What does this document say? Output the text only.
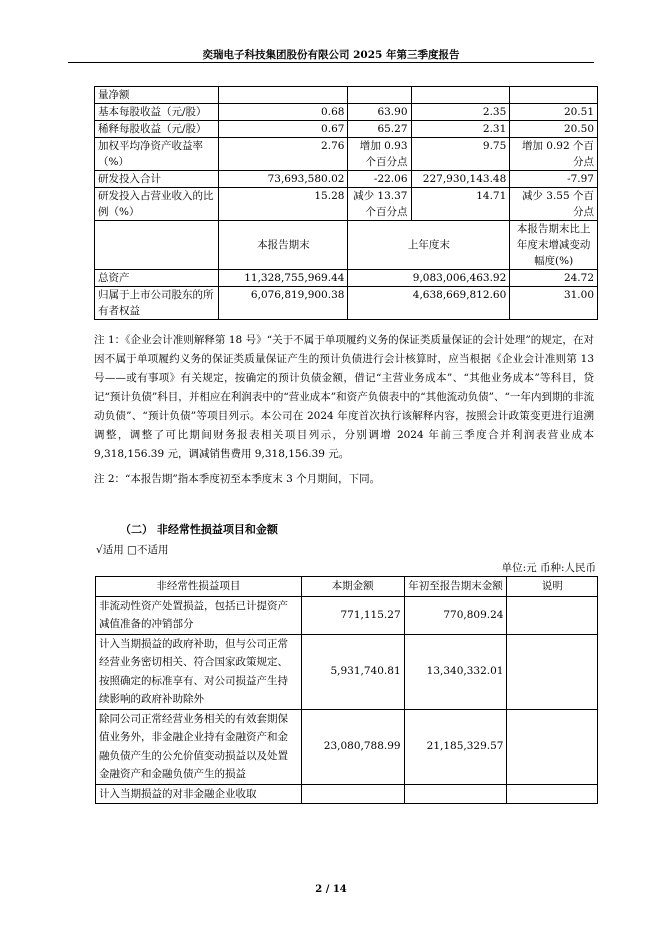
奕瑞电子科技集团股份有限公司 2025 年第三季度报告
量净额				
基本每股收益（元/股）	0.68	63.90	2.35	20.51
稀释每股收益（元/股）	0.67	65.27	2.31	20.50
加权平均净资产收益率（%）	2.76	增加 0.93 个百分点	9.75	增加 0.92 个百分点
研发投入合计	73,693,580.02	-22.06	227,930,143.48	-7.97
研发投入占营业收入的比例（%）	15.28	减少 13.37 个百分点	14.71	减少 3.55 个百分点
	本报告期末	上年度末		本报告期末比上年度末增减变动幅度(%)
总资产	11,328,755,969.44	9,083,006,463.92		24.72
归属于上市公司股东的所有者权益	6,076,819,900.38	4,638,669,812.60		31.00
注 1：《企业会计准则解释第 18 号》“关于不属于单项履约义务的保证类质量保证的会计处理”的规定，在对因不属于单项履约义务的保证类质量保证产生的预计负债进行会计核算时，应当根据《企业会计准则第 13 号——或有事项》有关规定，按确定的预计负债金额，借记“主营业务成本”、“其他业务成本”等科目，贷记“预计负债”科目，并相应在利润表中的“营业成本”和资产负债表中的“其他流动负债”、“一年内到期的非流动负债”、“预计负债”等项目列示。本公司在 2024 年度首次执行该解释内容，按照会计政策变更进行追溯调整，调整了可比期间财务报表相关项目列示，分别调增 2024 年前三季度合并利润表营业成本 9,318,156.39 元，调减销售费用 9,318,156.39 元。
注 2：“本报告期”指本季度初至本季度末 3 个月期间，下同。
（二） 非经常性损益项目和金额
√适用 □不适用
单位:元 币种:人民币
非经常性损益项目	本期金额	年初至报告期末金额	说明
非流动性资产处置损益，包括已计提资产减值准备的冲销部分	771,115.27	770,809.24	
计入当期损益的政府补助，但与公司正常经营业务密切相关、符合国家政策规定、按照确定的标准享有、对公司损益产生持续影响的政府补助除外	5,931,740.81	13,340,332.01	
除同公司正常经营业务相关的有效套期保值业务外，非金融企业持有金融资产和金融负债产生的公允价值变动损益以及处置金融资产和金融负债产生的损益	23,080,788.99	21,185,329.57	
计入当期损益的对非金融企业收取			
2 / 14
